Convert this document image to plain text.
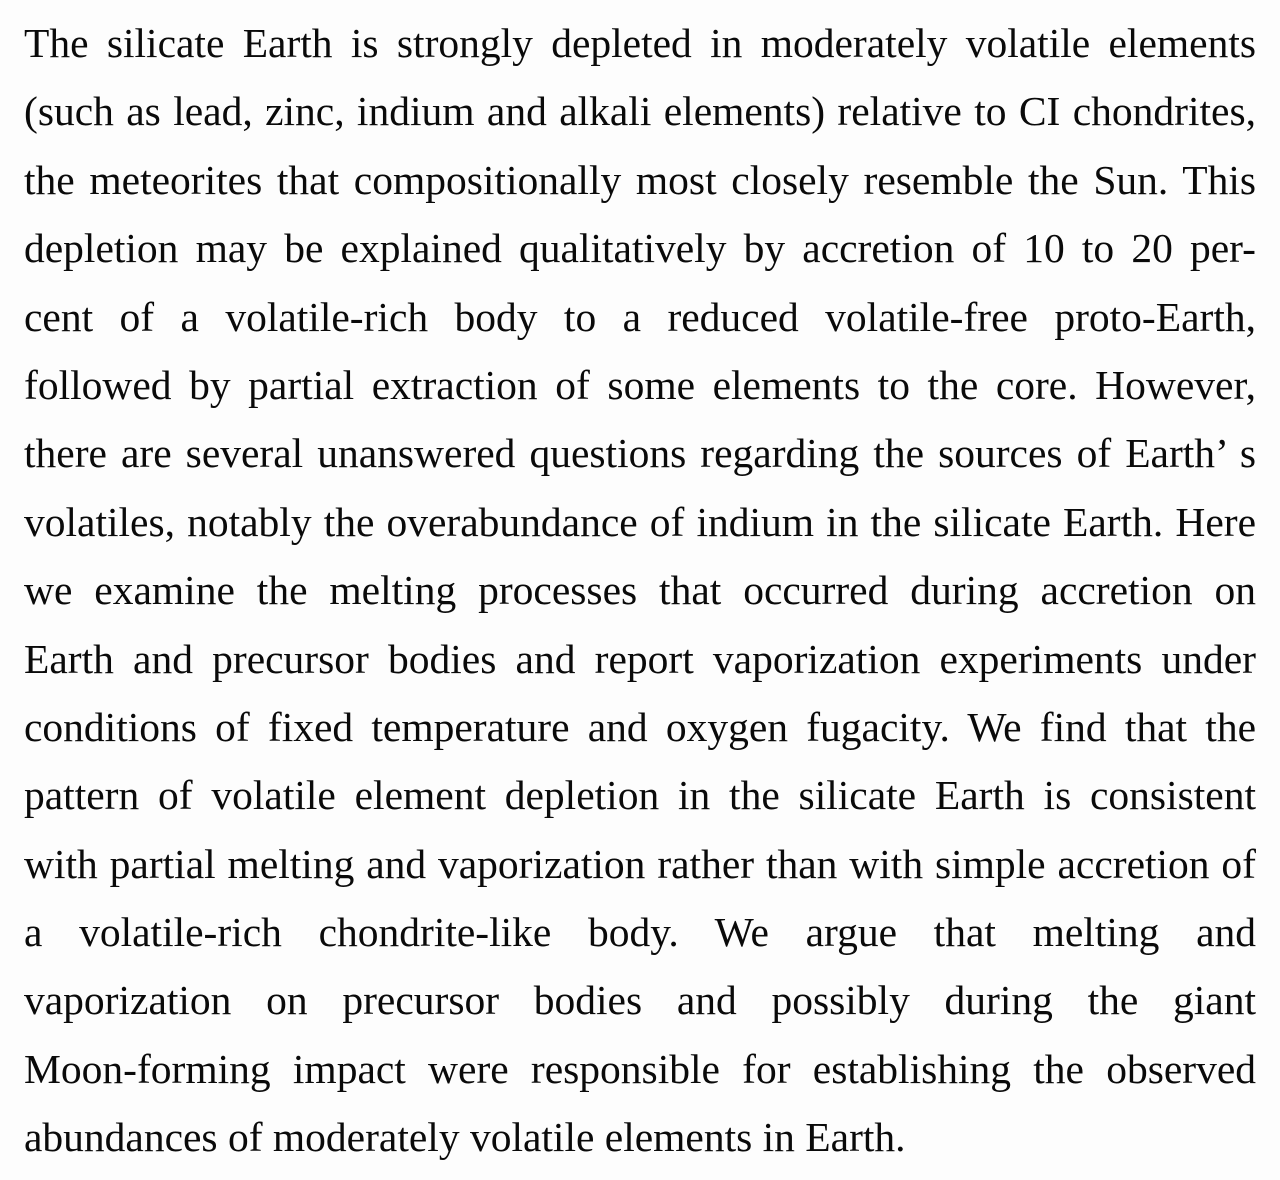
The silicate Earth is strongly depleted in moderately volatile elements
(such as lead, zinc, indium and alkali elements) relative to CI chondrites,
the meteorites that compositionally most closely resemble the Sun. This
depletion may be explained qualitatively by accretion of 10 to 20 per-
cent of a volatile-rich body to a reduced volatile-free proto-Earth,
followed by partial extraction of some elements to the core. However,
there are several unanswered questions regarding the sources of Earth’ s
volatiles, notably the overabundance of indium in the silicate Earth. Here
we examine the melting processes that occurred during accretion on
Earth and precursor bodies and report vaporization experiments under
conditions of fixed temperature and oxygen fugacity. We find that the
pattern of volatile element depletion in the silicate Earth is consistent
with partial melting and vaporization rather than with simple accretion of
a volatile-rich chondrite-like body. We argue that melting and
vaporization on precursor bodies and possibly during the giant
Moon-forming impact were responsible for establishing the observed
abundances of moderately volatile elements in Earth.
